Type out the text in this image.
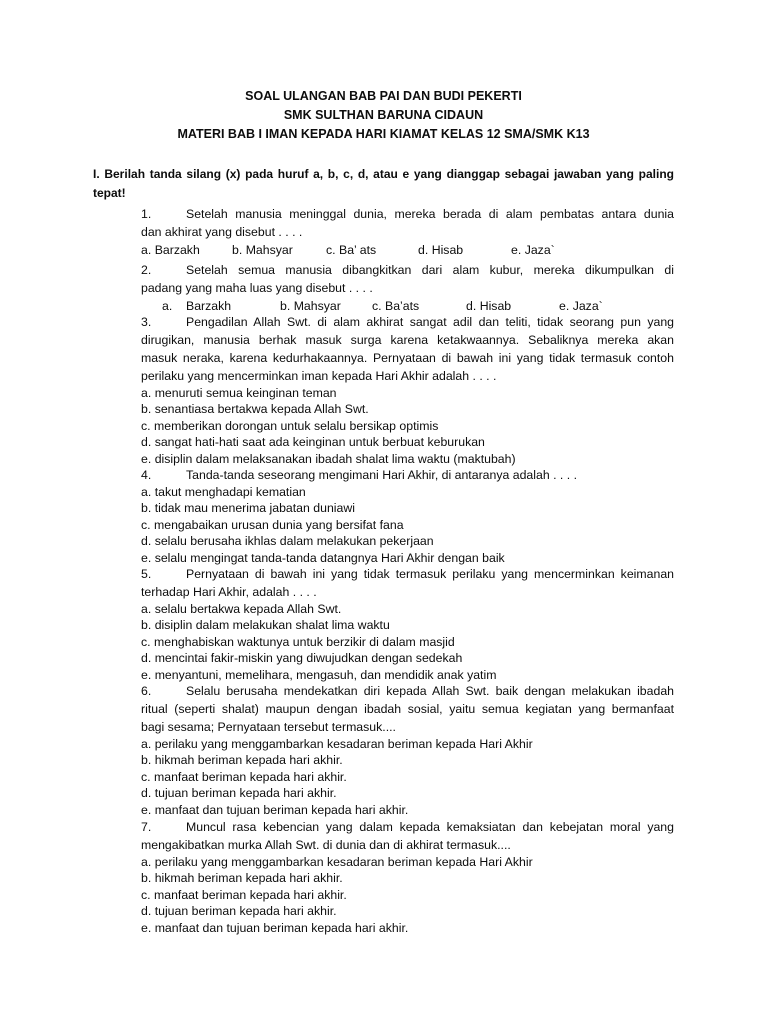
SOAL ULANGAN BAB PAI DAN BUDI PEKERTI
SMK SULTHAN BARUNA CIDAUN
MATERI BAB I IMAN KEPADA HARI KIAMAT KELAS 12 SMA/SMK K13
I. Berilah tanda silang (x) pada huruf a, b, c, d, atau e yang dianggap sebagai jawaban yang paling
tepat!
1.	Setelah manusia meninggal dunia, mereka berada di alam pembatas antara dunia
dan akhirat yang disebut . . . .
a. Barzakh	b. Mahsyar	c. Ba’ ats	d. Hisab	e. Jaza`
2.	Setelah semua manusia dibangkitkan dari alam kubur, mereka dikumpulkan di
padang yang maha luas yang disebut . . . .
a. Barzakh	b. Mahsyar	c. Ba’ats	d. Hisab	e. Jaza`
3.	Pengadilan Allah Swt. di alam akhirat sangat adil dan teliti, tidak seorang pun yang
dirugikan, manusia berhak masuk surga karena ketakwaannya. Sebaliknya mereka akan
masuk neraka, karena kedurhakaannya. Pernyataan di bawah ini yang tidak termasuk contoh
perilaku yang mencerminkan iman kepada Hari Akhir adalah . . . .
a. menuruti semua keinginan teman
b. senantiasa bertakwa kepada Allah Swt.
c. memberikan dorongan untuk selalu bersikap optimis
d. sangat hati-hati saat ada keinginan untuk berbuat keburukan
e. disiplin dalam melaksanakan ibadah shalat lima waktu (maktubah)
4.	Tanda-tanda seseorang mengimani Hari Akhir, di antaranya adalah . . . .
a. takut menghadapi kematian
b. tidak mau menerima jabatan duniawi
c. mengabaikan urusan dunia yang bersifat fana
d. selalu berusaha ikhlas dalam melakukan pekerjaan
e. selalu mengingat tanda-tanda datangnya Hari Akhir dengan baik
5.	Pernyataan di bawah ini yang tidak termasuk perilaku yang mencerminkan keimanan
terhadap Hari Akhir, adalah . . . .
a. selalu bertakwa kepada Allah Swt.
b. disiplin dalam melakukan shalat lima waktu
c. menghabiskan waktunya untuk berzikir di dalam masjid
d. mencintai fakir-miskin yang diwujudkan dengan sedekah
e. menyantuni, memelihara, mengasuh, dan mendidik anak yatim
6.	Selalu berusaha mendekatkan diri kepada Allah Swt. baik dengan melakukan ibadah
ritual (seperti shalat) maupun dengan ibadah sosial, yaitu semua kegiatan yang bermanfaat
bagi sesama; Pernyataan tersebut termasuk....
a. perilaku yang menggambarkan kesadaran beriman kepada Hari Akhir
b. hikmah beriman kepada hari akhir.
c. manfaat beriman kepada hari akhir.
d. tujuan beriman kepada hari akhir.
e. manfaat dan tujuan beriman kepada hari akhir.
7.	Muncul rasa kebencian yang dalam kepada kemaksiatan dan kebejatan moral yang
mengakibatkan murka Allah Swt. di dunia dan di akhirat termasuk....
a. perilaku yang menggambarkan kesadaran beriman kepada Hari Akhir
b. hikmah beriman kepada hari akhir.
c. manfaat beriman kepada hari akhir.
d. tujuan beriman kepada hari akhir.
e. manfaat dan tujuan beriman kepada hari akhir.
